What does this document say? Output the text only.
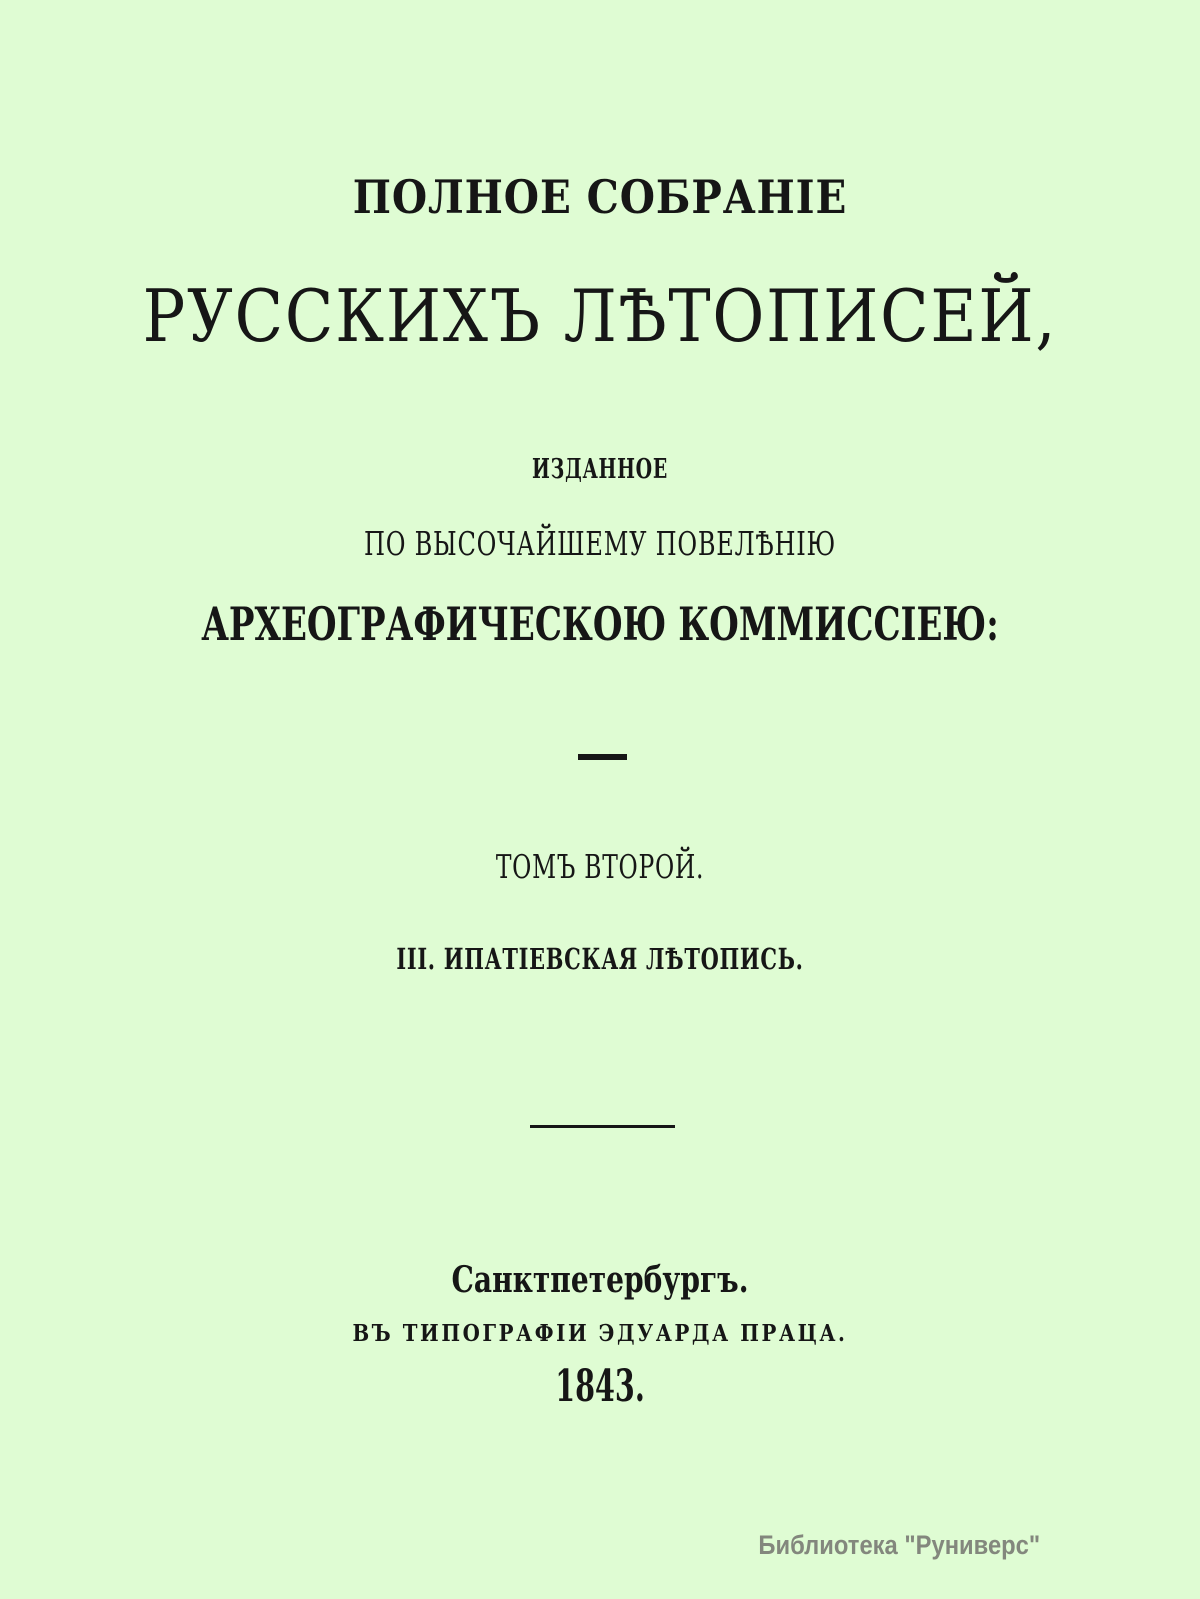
ПОЛНОЕ СОБРАНІЕ
РУССКИХЪ ЛѢТОПИСЕЙ,
ИЗДАННОЕ
ПО ВЫСОЧАЙШЕМУ ПОВЕЛѢНІЮ
АРХЕОГРАФИЧЕСКОЮ КОММИССІЕЮ:
ТОМЪ ВТОРОЙ.
III. ИПАТІЕВСКАЯ ЛѢТОПИСЬ.
Санктпетербургъ.
ВЪ ТИПОГРАФІИ ЭДУАРДА ПРАЦА.
1843.
Библиотека "Руниверс"
